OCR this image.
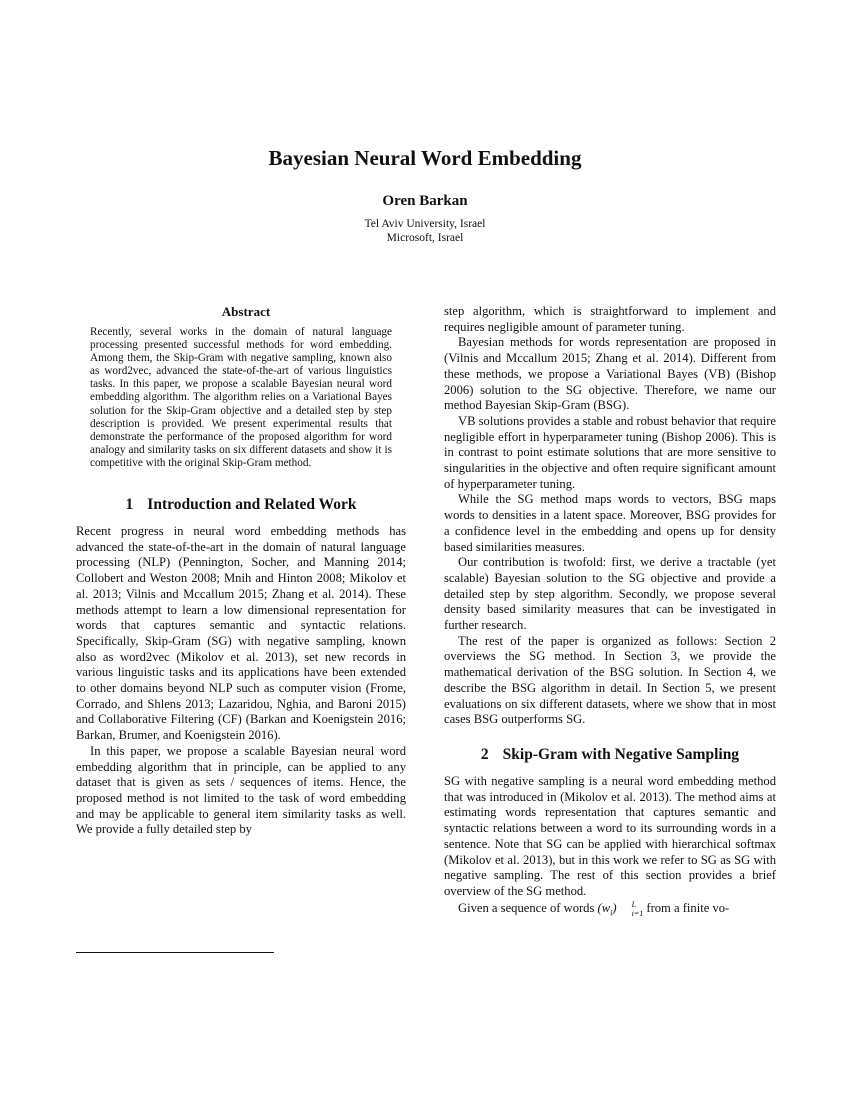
Bayesian Neural Word Embedding
Oren Barkan
Tel Aviv University, Israel
Microsoft, Israel
Abstract

Recently, several works in the domain of natural language processing presented successful methods for word embedding. Among them, the Skip-Gram with negative sampling, known also as word2vec, advanced the state-of-the-art of various linguistics tasks. In this paper, we propose a scalable Bayesian neural word embedding algorithm. The algorithm relies on a Variational Bayes solution for the Skip-Gram objective and a detailed step by step description is provided. We present experimental results that demonstrate the performance of the proposed algorithm for word analogy and similarity tasks on six different datasets and show it is competitive with the original Skip-Gram method.

1 Introduction and Related Work

Recent progress in neural word embedding methods has advanced the state-of-the-art in the domain of natural language processing (NLP) (Pennington, Socher, and Manning 2014; Collobert and Weston 2008; Mnih and Hinton 2008; Mikolov et al. 2013; Vilnis and Mccallum 2015; Zhang et al. 2014). These methods attempt to learn a low dimensional representation for words that captures semantic and syntactic relations. Specifically, Skip-Gram (SG) with negative sampling, known also as word2vec (Mikolov et al. 2013), set new records in various linguistic tasks and its applications have been extended to other domains beyond NLP such as computer vision (Frome, Corrado, and Shlens 2013; Lazaridou, Nghia, and Baroni 2015) and Collaborative Filtering (CF) (Barkan and Koenigstein 2016; Barkan, Brumer, and Koenigstein 2016).

In this paper, we propose a scalable Bayesian neural word embedding algorithm that in principle, can be applied to any dataset that is given as sets / sequences of items. Hence, the proposed method is not limited to the task of word embedding and may be applicable to general item similarity tasks as well. We provide a fully detailed step by

step algorithm, which is straightforward to implement and requires negligible amount of parameter tuning.

Bayesian methods for words representation are proposed in (Vilnis and Mccallum 2015; Zhang et al. 2014). Different from these methods, we propose a Variational Bayes (VB) (Bishop 2006) solution to the SG objective. Therefore, we name our method Bayesian Skip-Gram (BSG).

VB solutions provides a stable and robust behavior that require negligible effort in hyperparameter tuning (Bishop 2006). This is in contrast to point estimate solutions that are more sensitive to singularities in the objective and often require significant amount of hyperparameter tuning.

While the SG method maps words to vectors, BSG maps words to densities in a latent space. Moreover, BSG provides for a confidence level in the embedding and opens up for density based similarities measures.

Our contribution is twofold: first, we derive a tractable (yet scalable) Bayesian solution to the SG objective and provide a detailed step by step algorithm. Secondly, we propose several density based similarity measures that can be investigated in further research.

The rest of the paper is organized as follows: Section 2 overviews the SG method. In Section 3, we provide the mathematical derivation of the BSG solution. In Section 4, we describe the BSG algorithm in detail. In Section 5, we present evaluations on six different datasets, where we show that in most cases BSG outperforms SG.

2 Skip-Gram with Negative Sampling

SG with negative sampling is a neural word embedding method that was introduced in (Mikolov et al. 2013). The method aims at estimating words representation that captures semantic and syntactic relations between a word to its surrounding words in a sentence. Note that SG can be applied with hierarchical softmax (Mikolov et al. 2013), but in this work we refer to SG as SG with negative sampling. The rest of this section provides a brief overview of the SG method.

Given a sequence of words $(w_i)$	L
i=1 from a finite vo-
